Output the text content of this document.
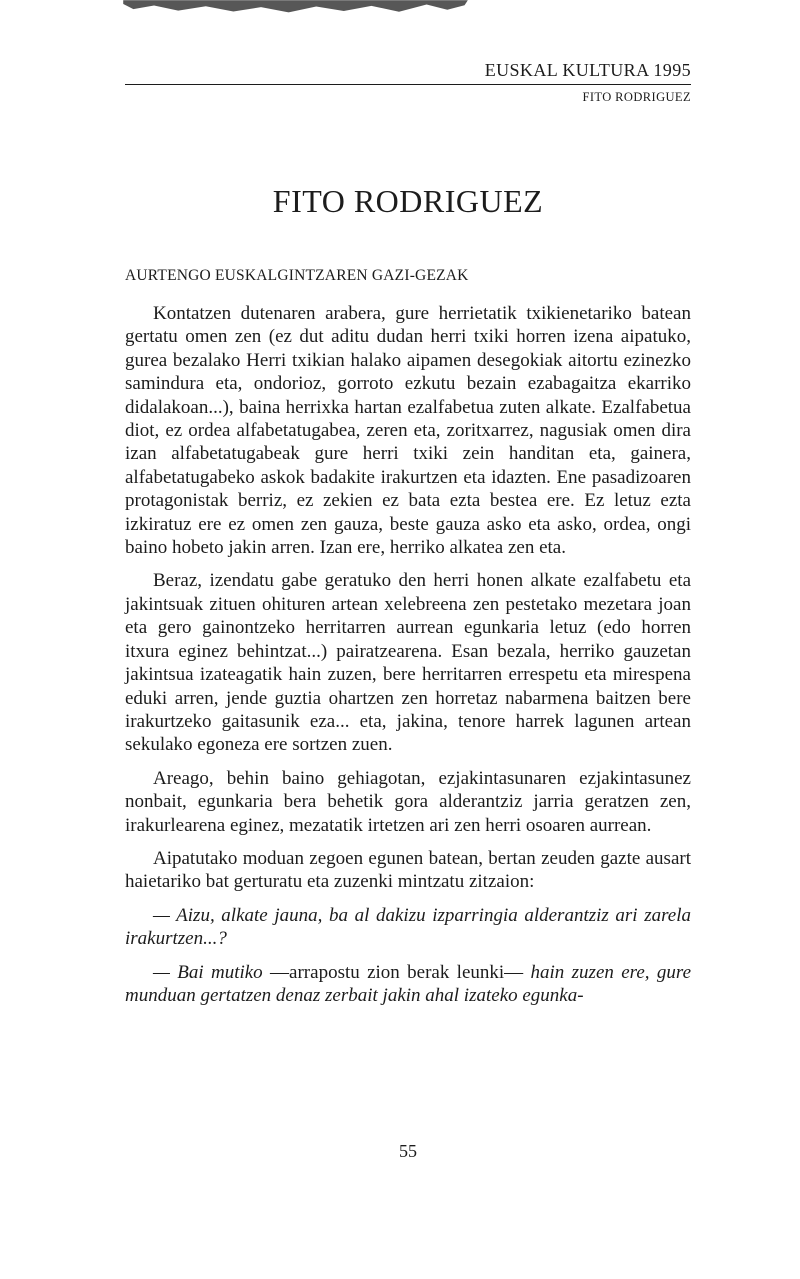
EUSKAL KULTURA 1995
FITO RODRIGUEZ
FITO RODRIGUEZ
AURTENGO EUSKALGINTZAREN GAZI-GEZAK

Kontatzen dutenaren arabera, gure herrietatik txikienetariko batean gertatu omen zen (ez dut aditu dudan herri txiki horren izena aipatuko, gurea bezalako Herri txikian halako aipamen desegokiak aitortu ezinezko samindura eta, ondorioz, gorroto ezkutu bezain ezabagaitza ekarriko didalakoan...), baina herrixka hartan ezalfabetua zuten alkate. Ezalfabetua diot, ez ordea alfabetatugabea, zeren eta, zoritxarrez, nagusiak omen dira izan alfabetatugabeak gure herri txiki zein handitan eta, gainera, alfabetatugabeko askok badakite irakurtzen eta idazten. Ene pasadizoaren protagonistak berriz, ez zekien ez bata ezta bestea ere. Ez letuz ezta izkiratuz ere ez omen zen gauza, beste gauza asko eta asko, ordea, ongi baino hobeto jakin arren. Izan ere, herriko alkatea zen eta.

Beraz, izendatu gabe geratuko den herri honen alkate ezalfabetu eta jakintsuak zituen ohituren artean xelebreena zen pestetako mezetara joan eta gero gainontzeko herritarren aurrean egunkaria letuz (edo horren itxura eginez behintzat...) pairatzearena. Esan bezala, herriko gauzetan jakintsua izateagatik hain zuzen, bere herritarren errespetu eta mirespena eduki arren, jende guztia ohartzen zen horretaz nabarmena baitzen bere irakurtzeko gaitasunik eza... eta, jakina, tenore harrek lagunen artean sekulako egoneza ere sortzen zuen.

Areago, behin baino gehiagotan, ezjakintasunaren ezjakintasunez nonbait, egunkaria bera behetik gora alderantziz jarria geratzen zen, irakurlearena eginez, mezatatik irtetzen ari zen herri osoaren aurrean.

Aipatutako moduan zegoen egunen batean, bertan zeuden gazte ausart haietariko bat gerturatu eta zuzenki mintzatu zitzaion:

— Aizu, alkate jauna, ba al dakizu izparringia alderantziz ari zarela irakurtzen...?

— Bai mutiko —arrapostu zion berak leunki— hain zuzen ere, gure munduan gertatzen denaz zerbait jakin ahal izateko egunka-

55
